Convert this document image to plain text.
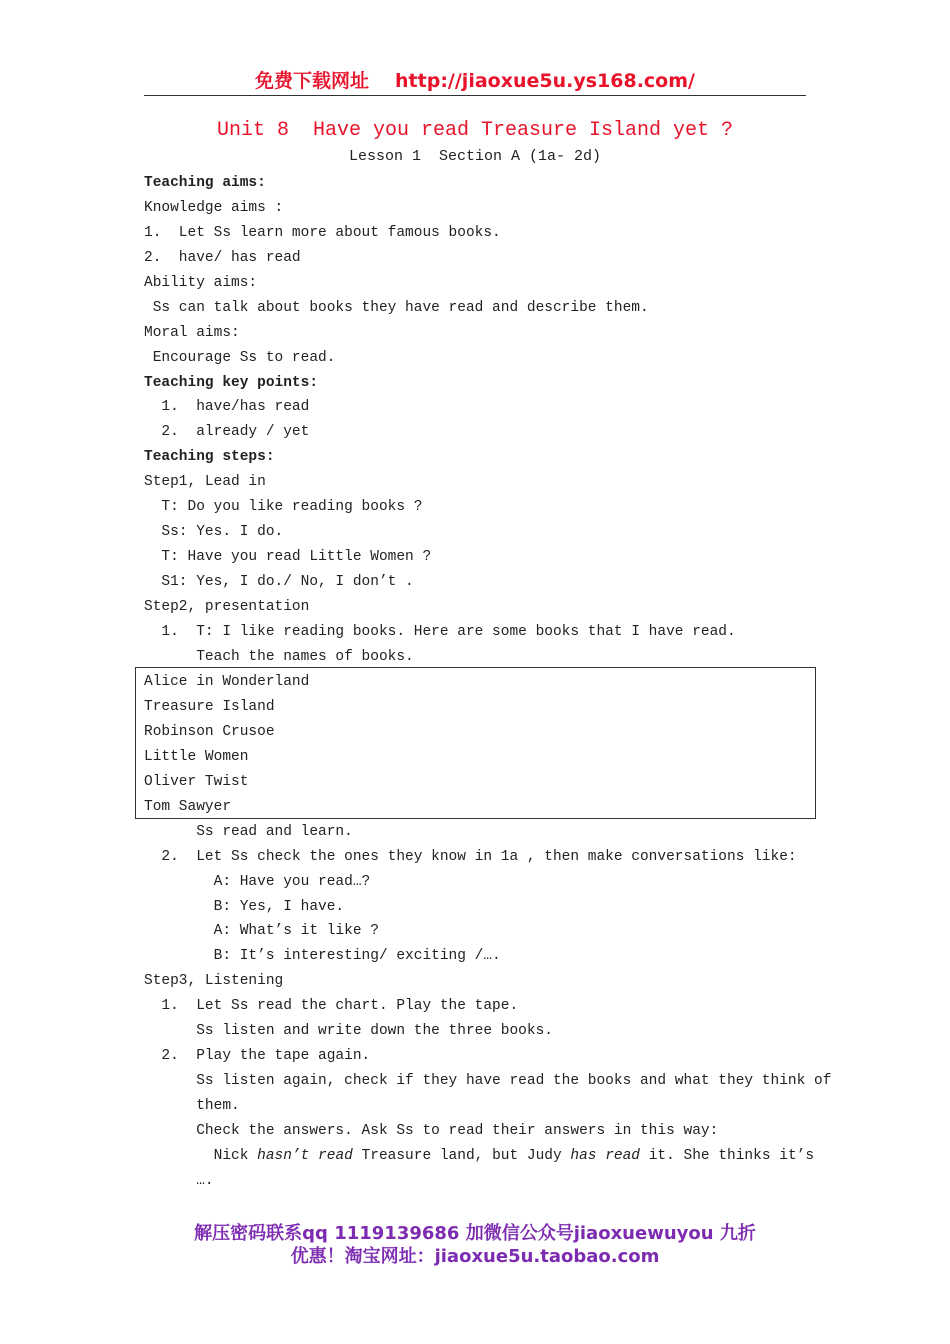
免费下载网址 http://jiaoxue5u.ys168.com/
Unit 8  Have you read Treasure Island yet ?
Lesson 1  Section A (1a- 2d)
Teaching aims:
Knowledge aims :
1.  Let Ss learn more about famous books.
2.  have/ has read
Ability aims:
Ss can talk about books they have read and describe them.
Moral aims:
Encourage Ss to read.
Teaching key points:
1.  have/has read
2.  already / yet
Teaching steps:
Step1, Lead in
T: Do you like reading books ?
Ss: Yes. I do.
T: Have you read Little Women ?
S1: Yes, I do./ No, I don’t .
Step2, presentation
1.  T: I like reading books. Here are some books that I have read.
Teach the names of books.
Alice in Wonderland
Treasure Island
Robinson Crusoe
Little Women
Oliver Twist
Tom Sawyer
Ss read and learn.
2.  Let Ss check the ones they know in 1a , then make conversations like:
A: Have you read…?
B: Yes, I have.
A: What’s it like ?
B: It’s interesting/ exciting /….
Step3, Listening
1.  Let Ss read the chart. Play the tape.
Ss listen and write down the three books.
2.  Play the tape again.
Ss listen again, check if they have read the books and what they think of
them.
Check the answers. Ask Ss to read their answers in this way:
Nick hasn’t read Treasure land, but Judy has read it. She thinks it’s
….
解压密码联系qq 1119139686 加微信公众号jiaoxuewuyou 九折
优惠！淘宝网址：jiaoxue5u.taobao.com
